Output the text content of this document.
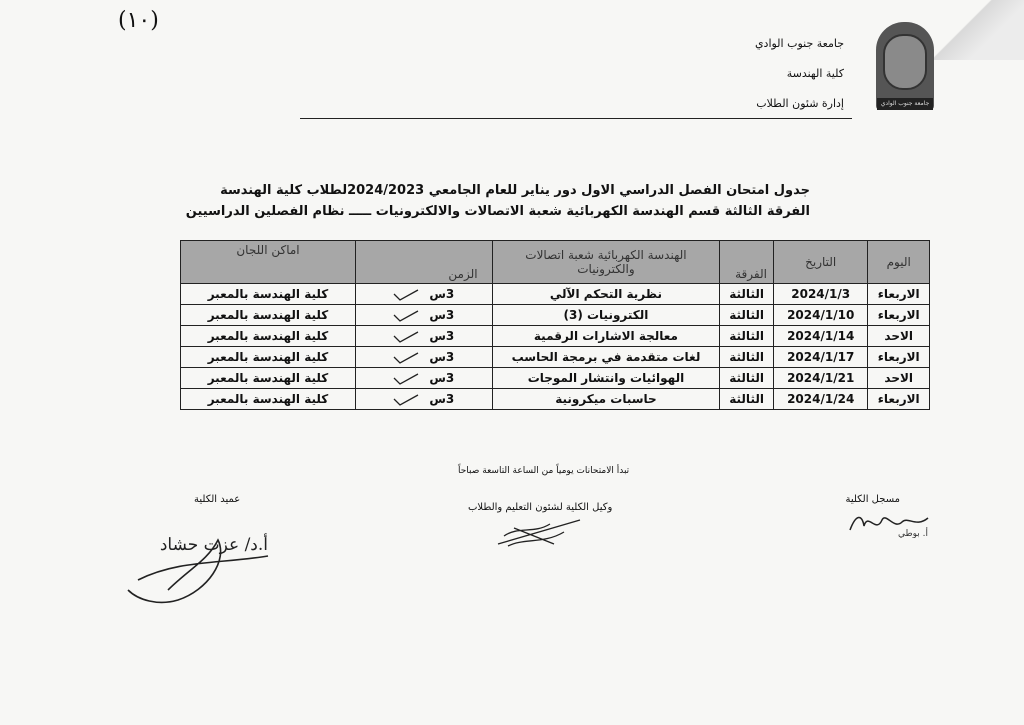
(١٠)
جامعة جنوب الوادي
كلية الهندسة
إدارة شئون الطلاب	جامعة جنوب الوادي
جدول امتحان الفصل الدراسي الاول دور يناير للعام الجامعي 2024/2023لطلاب كلية الهندسة
الفرقة الثالثة قسم الهندسة الكهربائية شعبة الاتصالات والالكترونيات ـــــ نظام الفصلين الدراسيين
اليوم	التاريخ	الفرقة	الهندسة الكهربائية شعبة اتصالات والكترونيات	الزمن	اماكن اللجان

الاربعاء	2024/1/3	الثالثة	نظرية التحكم الآلي	3س	كلية الهندسة بالمعبر
الاربعاء	2024/1/10	الثالثة	الكترونيات (3)	3س	كلية الهندسة بالمعبر
الاحد	2024/1/14	الثالثة	معالجة الاشارات الرقمية	3س	كلية الهندسة بالمعبر
الاربعاء	2024/1/17	الثالثة	لغات متقدمة في برمجة الحاسب	3س	كلية الهندسة بالمعبر
الاحد	2024/1/21	الثالثة	الهوائيات وانتشار الموجات	3س	كلية الهندسة بالمعبر
الاربعاء	2024/1/24	الثالثة	حاسبات ميكرونية	3س	كلية الهندسة بالمعبر
تبدأ الامتحانات يومياً من الساعة التاسعة صباحاً
مسجل الكلية
أ. بوطي
وكيل الكلية لشئون التعليم والطلاب
عميد الكلية
أ.د/ عزت حشاد
